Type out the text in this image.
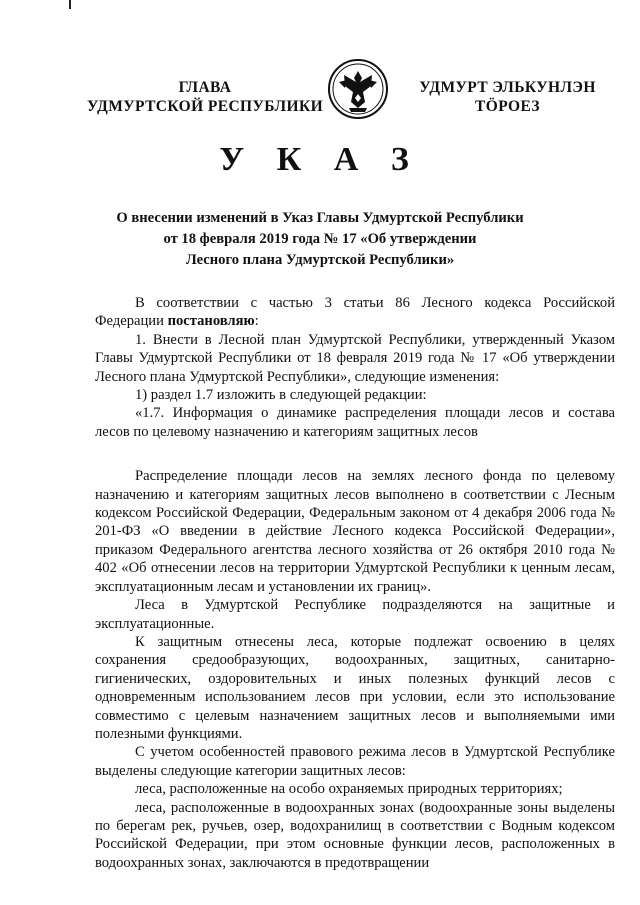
ГЛАВА
УДМУРТСКОЙ РЕСПУБЛИКИ
УДМУРТ ЭЛЬКУНЛЭН
ТӦРОЕЗ
У К А З
О внесении изменений в Указ Главы Удмуртской Республики
от 18 февраля 2019 года № 17 «Об утверждении
Лесного плана Удмуртской Республики»

В соответствии с частью 3 статьи 86 Лесного кодекса Российской Федерации постановляю:

1. Внести в Лесной план Удмуртской Республики, утвержденный Указом Главы Удмуртской Республики от 18 февраля 2019 года № 17 «Об утверждении Лесного плана Удмуртской Республики», следующие изменения:

1) раздел 1.7 изложить в следующей редакции:

«1.7. Информация о динамике распределения площади лесов и состава лесов по целевому назначению и категориям защитных лесов

Распределение площади лесов на землях лесного фонда по целевому назначению и категориям защитных лесов выполнено в соответствии с Лесным кодексом Российской Федерации, Федеральным законом от 4 декабря 2006 года № 201-ФЗ «О введении в действие Лесного кодекса Российской Федерации», приказом Федерального агентства лесного хозяйства от 26 октября 2010 года № 402 «Об отнесении лесов на территории Удмуртской Республики к ценным лесам, эксплуатационным лесам и установлении их границ».

Леса в Удмуртской Республике подразделяются на защитные и эксплуатационные.

К защитным отнесены леса, которые подлежат освоению в целях сохранения средообразующих, водоохранных, защитных, санитарно-гигиенических, оздоровительных и иных полезных функций лесов с одновременным использованием лесов при условии, если это использование совместимо с целевым назначением защитных лесов и выполняемыми ими полезными функциями.

С учетом особенностей правового режима лесов в Удмуртской Республике выделены следующие категории защитных лесов:

леса, расположенные на особо охраняемых природных территориях;

леса, расположенные в водоохранных зонах (водоохранные зоны выделены по берегам рек, ручьев, озер, водохранилищ в соответствии с Водным кодексом Российской Федерации, при этом основные функции лесов, расположенных в водоохранных зонах, заключаются в предотвращении
